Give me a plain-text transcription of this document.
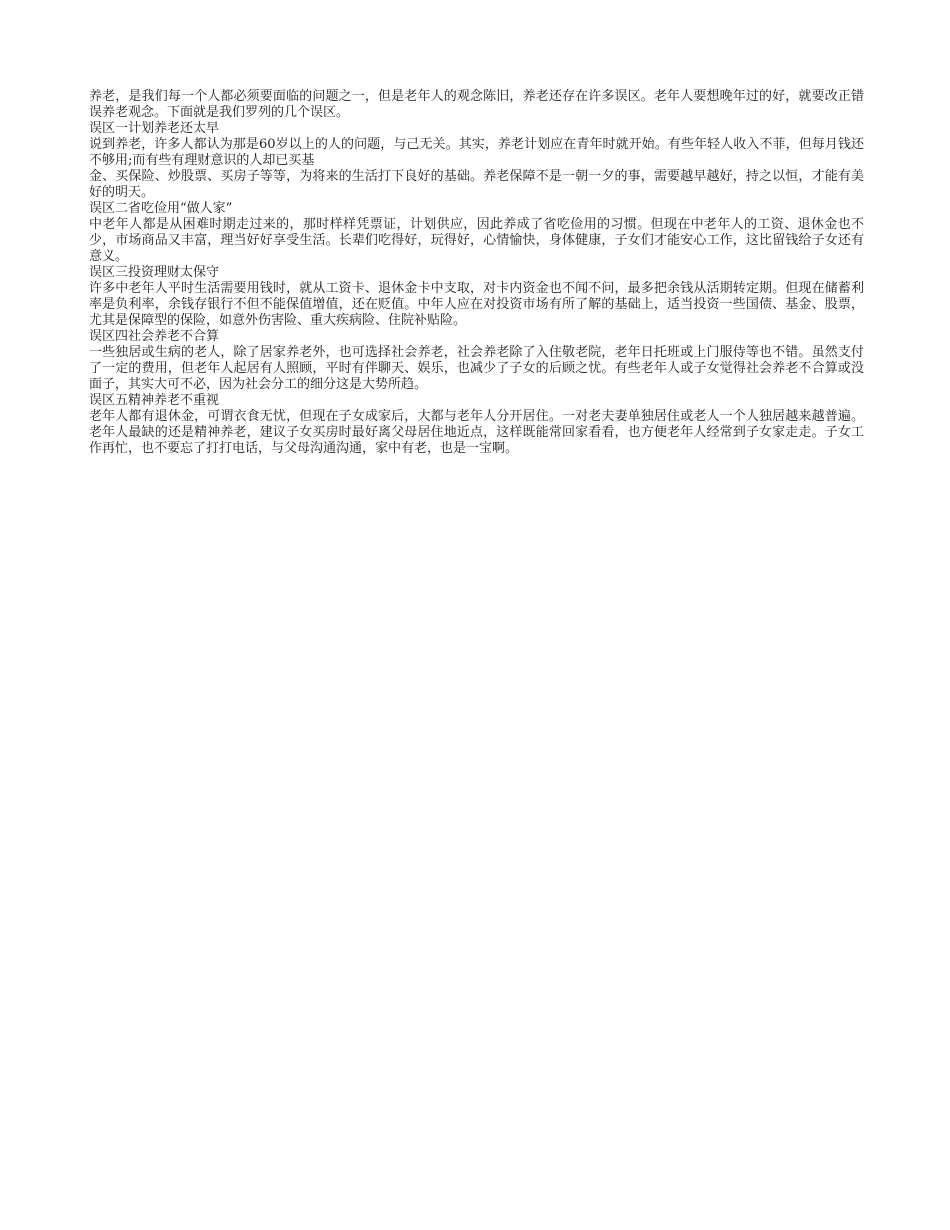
养老，是我们每一个人都必须要面临的问题之一，但是老年人的观念陈旧，养老还存在许多误区。老年人要想晚年过的好，就要改正错误养老观念。下面就是我们罗列的几个误区。

误区一计划养老还太早

说到养老，许多人都认为那是60岁以上的人的问题，与己无关。其实，养老计划应在青年时就开始。有些年轻人收入不菲，但每月钱还不够用;而有些有理财意识的人却已买基

金、买保险、炒股票、买房子等等，为将来的生活打下良好的基础。养老保障不是一朝一夕的事，需要越早越好，持之以恒，才能有美好的明天。

误区二省吃俭用“做人家”

中老年人都是从困难时期走过来的，那时样样凭票证，计划供应，因此养成了省吃俭用的习惯。但现在中老年人的工资、退休金也不少，市场商品又丰富，理当好好享受生活。长辈们吃得好，玩得好，心情愉快，身体健康，子女们才能安心工作，这比留钱给子女还有意义。

误区三投资理财太保守

许多中老年人平时生活需要用钱时，就从工资卡、退休金卡中支取，对卡内资金也不闻不问，最多把余钱从活期转定期。但现在储蓄利率是负利率，余钱存银行不但不能保值增值，还在贬值。中年人应在对投资市场有所了解的基础上，适当投资一些国债、基金、股票，尤其是保障型的保险，如意外伤害险、重大疾病险、住院补贴险。

误区四社会养老不合算

一些独居或生病的老人，除了居家养老外，也可选择社会养老，社会养老除了入住敬老院，老年日托班或上门服侍等也不错。虽然支付了一定的费用，但老年人起居有人照顾，平时有伴聊天、娱乐，也减少了子女的后顾之忧。有些老年人或子女觉得社会养老不合算或没面子，其实大可不必，因为社会分工的细分这是大势所趋。

误区五精神养老不重视

老年人都有退休金，可谓衣食无忧，但现在子女成家后，大都与老年人分开居住。一对老夫妻单独居住或老人一个人独居越来越普遍。老年人最缺的还是精神养老，建议子女买房时最好离父母居住地近点，这样既能常回家看看，也方便老年人经常到子女家走走。子女工作再忙，也不要忘了打打电话，与父母沟通沟通，家中有老，也是一宝啊。
